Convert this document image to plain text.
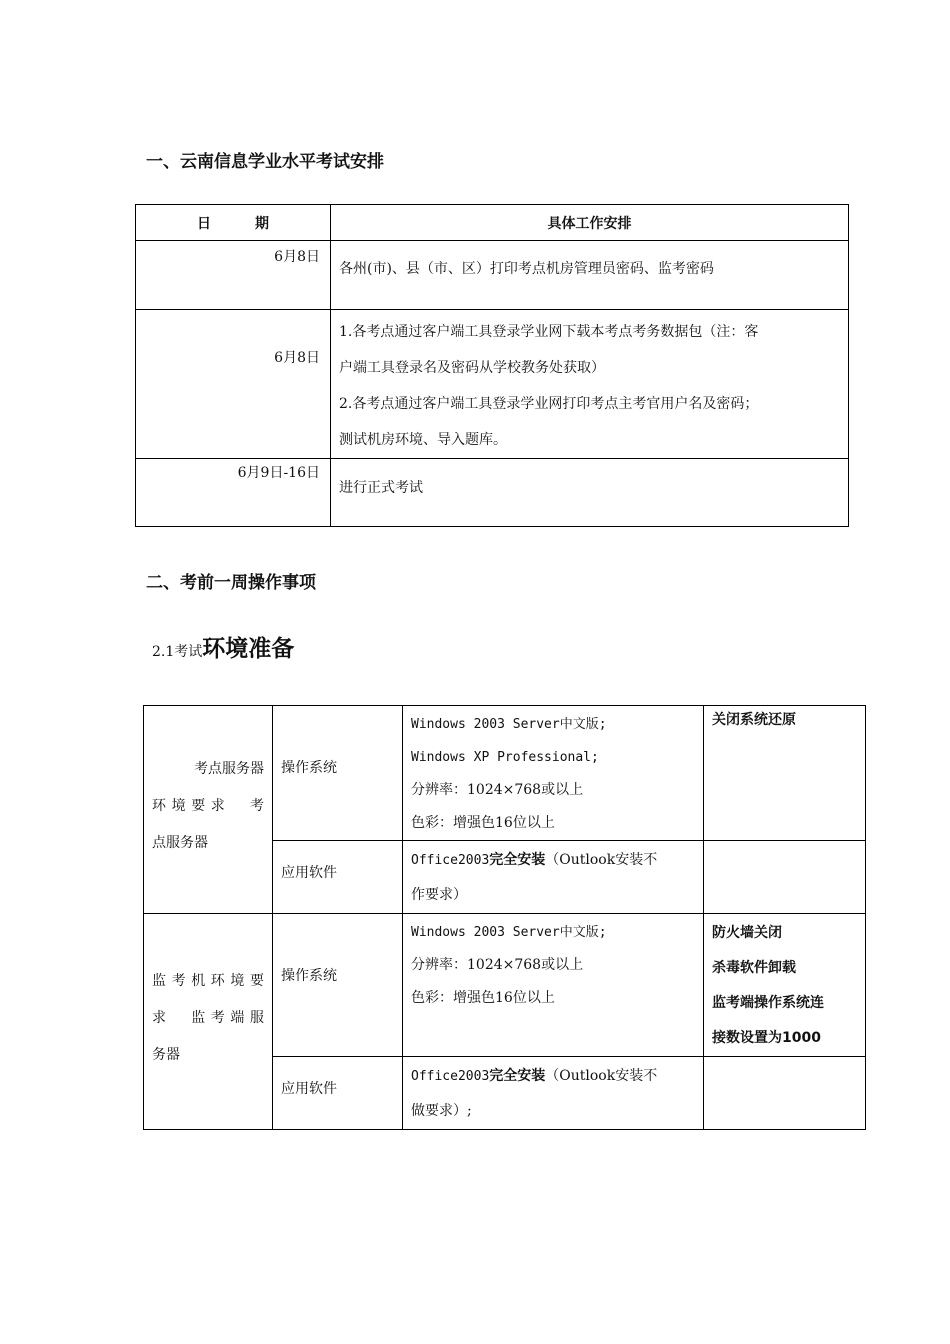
一、云南信息学业水平考试安排
日 期	具体工作安排
6月8日	各州(市)、县（市、区）打印考点机房管理员密码、监考密码

6月8日	1.各考点通过客户端工具登录学业网下载本考点考务数据包（注：客
户端工具登录名及密码从学校教务处获取）
2.各考点通过客户端工具登录学业网打印考点主考官用户名及密码；
测试机房环境、导入题库。

6月9日-16日	进行正式考试
二、考前一周操作事项
2.1考试环境准备
考点服务器
环境要求　考
点服务器	操作系统	Windows 2003 Server中文版;
Windows XP Professional;
分辨率：1024×768或以上
色彩：增强色16位以上	关闭系统还原
	应用软件	Office2003完全安装（Outlook安装不
作要求）	

监考机环境要
求　监考端服
务器	操作系统	Windows 2003 Server中文版;
分辨率：1024×768或以上
色彩：增强色16位以上	防火墙关闭
杀毒软件卸载
监考端操作系统连
接数设置为1000

	应用软件	Office2003完全安装（Outlook安装不
做要求）;	
